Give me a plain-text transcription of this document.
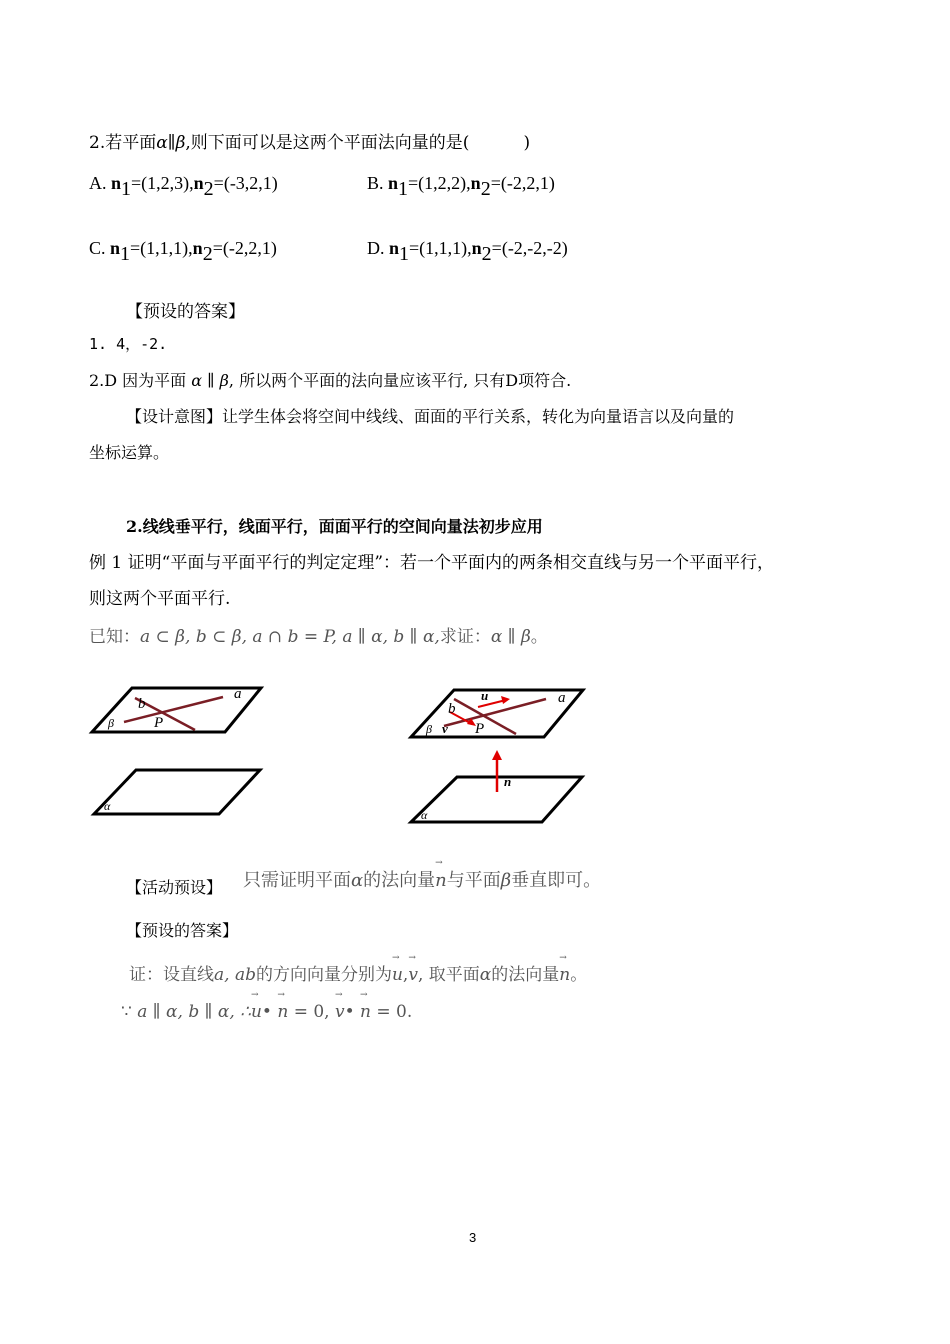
2.若平面α∥β,则下面可以是这两个平面法向量的是(          )
A. n1=(1,2,3),n2=(-3,2,1)	B. n1=(1,2,2),n2=(-2,2,1)
C. n1=(1,1,1),n2=(-2,2,1)	D. n1=(1,1,1),n2=(-2,-2,-2)
【预设的答案】
1. 4，-2.
2.D 因为平面 α ∥ β, 所以两个平面的法向量应该平行, 只有D项符合.
【设计意图】让学生体会将空间中线线、面面的平行关系，转化为向量语言以及向量的
坐标运算。
2.线线垂平行，线面平行，面面平行的空间向量法初步应用
例 1 证明“平面与平面平行的判定定理”：若一个平面内的两条相交直线与另一个平面平行，
则这两个平面平行.
已知：a ⊂ β, b ⊂ β, a ∩ b = P, a ∥ α, b ∥ α,求证：α ∥ β。
a
b
P
β
α
u
v
a
b
P
β
n
α
【活动预设】 只需证明平面α的法向量→ n与平面β垂直即可。
【预设的答案】
证：设直线a, ab的方向向量分别为→ u,→ v, 取平面α的法向量→ n。
∵ a ∥ α, b ∥ α, ∴→ u• → n = 0, → v• → n = 0.
3
